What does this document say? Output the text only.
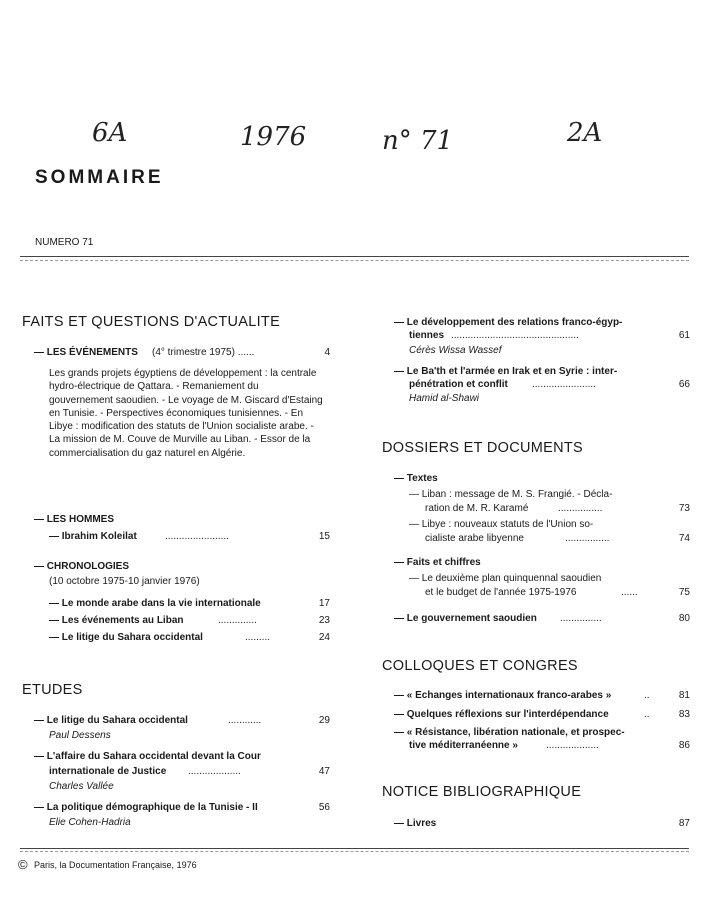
6A	1976	n° 71	2A
SOMMAIRE
NUMERO 71
FAITS ET QUESTIONS D'ACTUALITE
— LES ÉVÉNEMENTS (4° trimestre 1975) ......	4
Les grands projets égyptiens de développement : la centrale hydro-électrique de Qattara. - Remaniement du gouvernement saoudien. - Le voyage de M. Giscard d'Estaing en Tunisie. - Perspectives économiques tunisiennes. - En Libye : modification des statuts de l'Union socialiste arabe. - La mission de M. Couve de Murville au Liban. - Essor de la commercialisation du gaz naturel en Algérie.
— LES HOMMES
— Ibrahim Koleilat	.......................	15
— CHRONOLOGIES
(10 octobre 1975-10 janvier 1976)
— Le monde arabe dans la vie internationale	17
— Les événements au Liban	..............	23
— Le litige du Sahara occidental	.........	24
ETUDES
— Le litige du Sahara occidental	............	29
Paul Dessens
— L'affaire du Sahara occidental devant la Cour
internationale de Justice ...................	47
Charles Vallée
— La politique démographique de la Tunisie - II	56
Elie Cohen-Hadria
— Le développement des relations franco-égyp-
tiennes ..............................................	61
Cérès Wissa Wassef
— Le Ba'th et l'armée en Irak et en Syrie : inter-
pénétration et conflit .......................	66
Hamid al-Shawi
DOSSIERS ET DOCUMENTS
— Textes
— Liban : message de M. S. Frangié. - Décla-
ration de M. R. Karamé	................	73
— Libye : nouveaux statuts de l'Union so-
cialiste arabe libyenne	................	74
— Faits et chiffres
— Le deuxième plan quinquennal saoudien
et le budget de l'année 1975-1976	......	75
— Le gouvernement saoudien ...............	80
COLLOQUES ET CONGRES
— « Echanges internationaux franco-arabes »	..	81
— Quelques réflexions sur l'interdépendance	..	83
— « Résistance, libération nationale, et prospec-
tive méditerranéenne »	...................	86
NOTICE BIBLIOGRAPHIQUE
— Livres	87
© Paris, la Documentation Française, 1976
